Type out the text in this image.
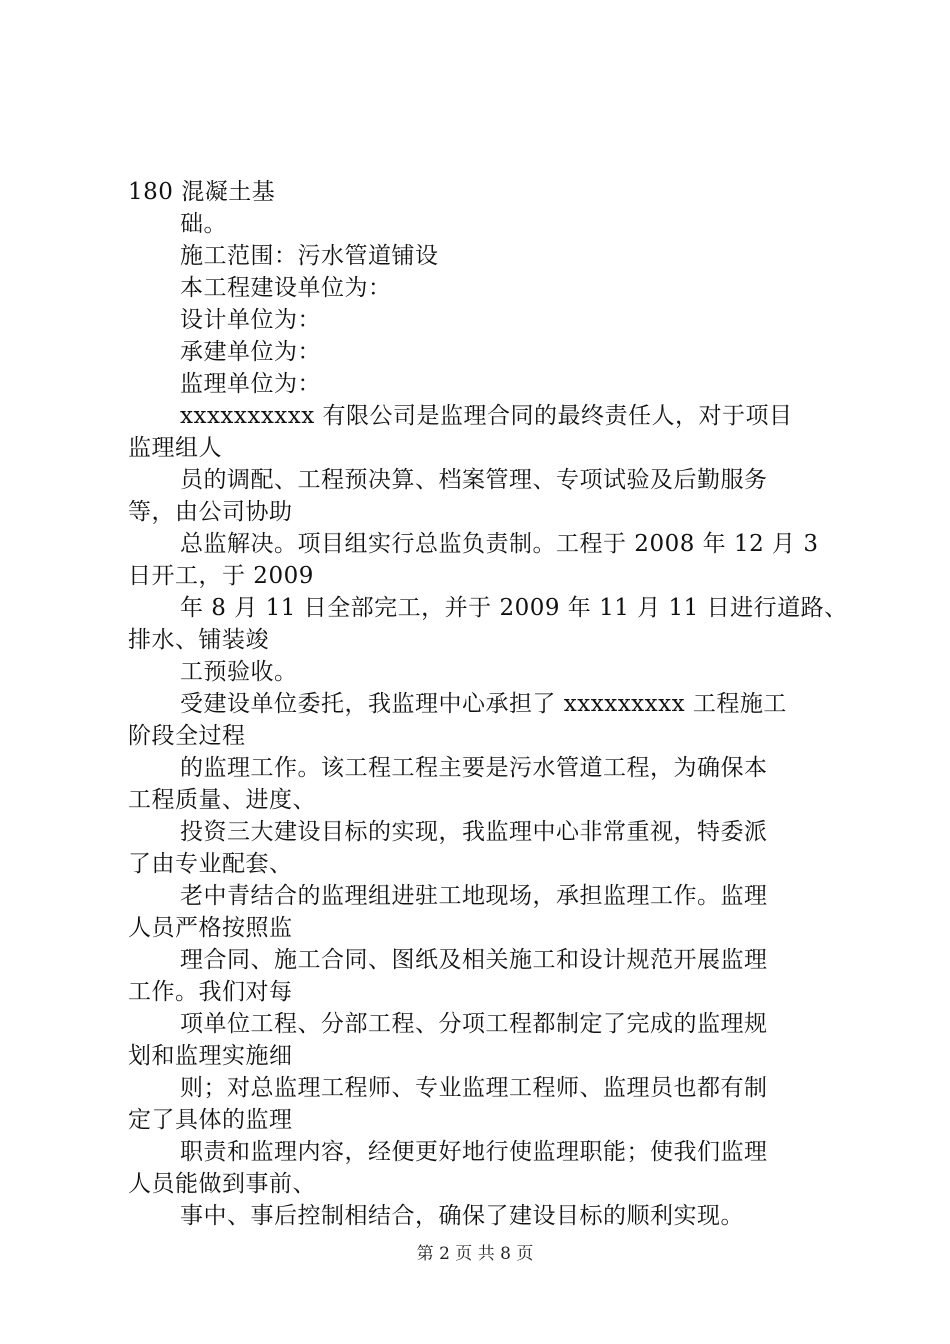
180 混凝土基
础。
施工范围：污水管道铺设
本工程建设单位为：
设计单位为：
承建单位为：
监理单位为：
xxxxxxxxxx 有限公司是监理合同的最终责任人，对于项目
监理组人
员的调配、工程预决算、档案管理、专项试验及后勤服务
等，由公司协助
总监解决。项目组实行总监负责制。工程于 2008 年 12 月 3
日开工，于 2009
年 8 月 11 日全部完工，并于 2009 年 11 月 11 日进行道路、
排水、铺装竣
工预验收。
受建设单位委托，我监理中心承担了 xxxxxxxxx 工程施工
阶段全过程
的监理工作。该工程工程主要是污水管道工程，为确保本
工程质量、进度、
投资三大建设目标的实现，我监理中心非常重视，特委派
了由专业配套、
老中青结合的监理组进驻工地现场，承担监理工作。监理
人员严格按照监
理合同、施工合同、图纸及相关施工和设计规范开展监理
工作。我们对每
项单位工程、分部工程、分项工程都制定了完成的监理规
划和监理实施细
则；对总监理工程师、专业监理工程师、监理员也都有制
定了具体的监理
职责和监理内容，经便更好地行使监理职能；使我们监理
人员能做到事前、
事中、事后控制相结合，确保了建设目标的顺利实现。
第 2 页 共 8 页
